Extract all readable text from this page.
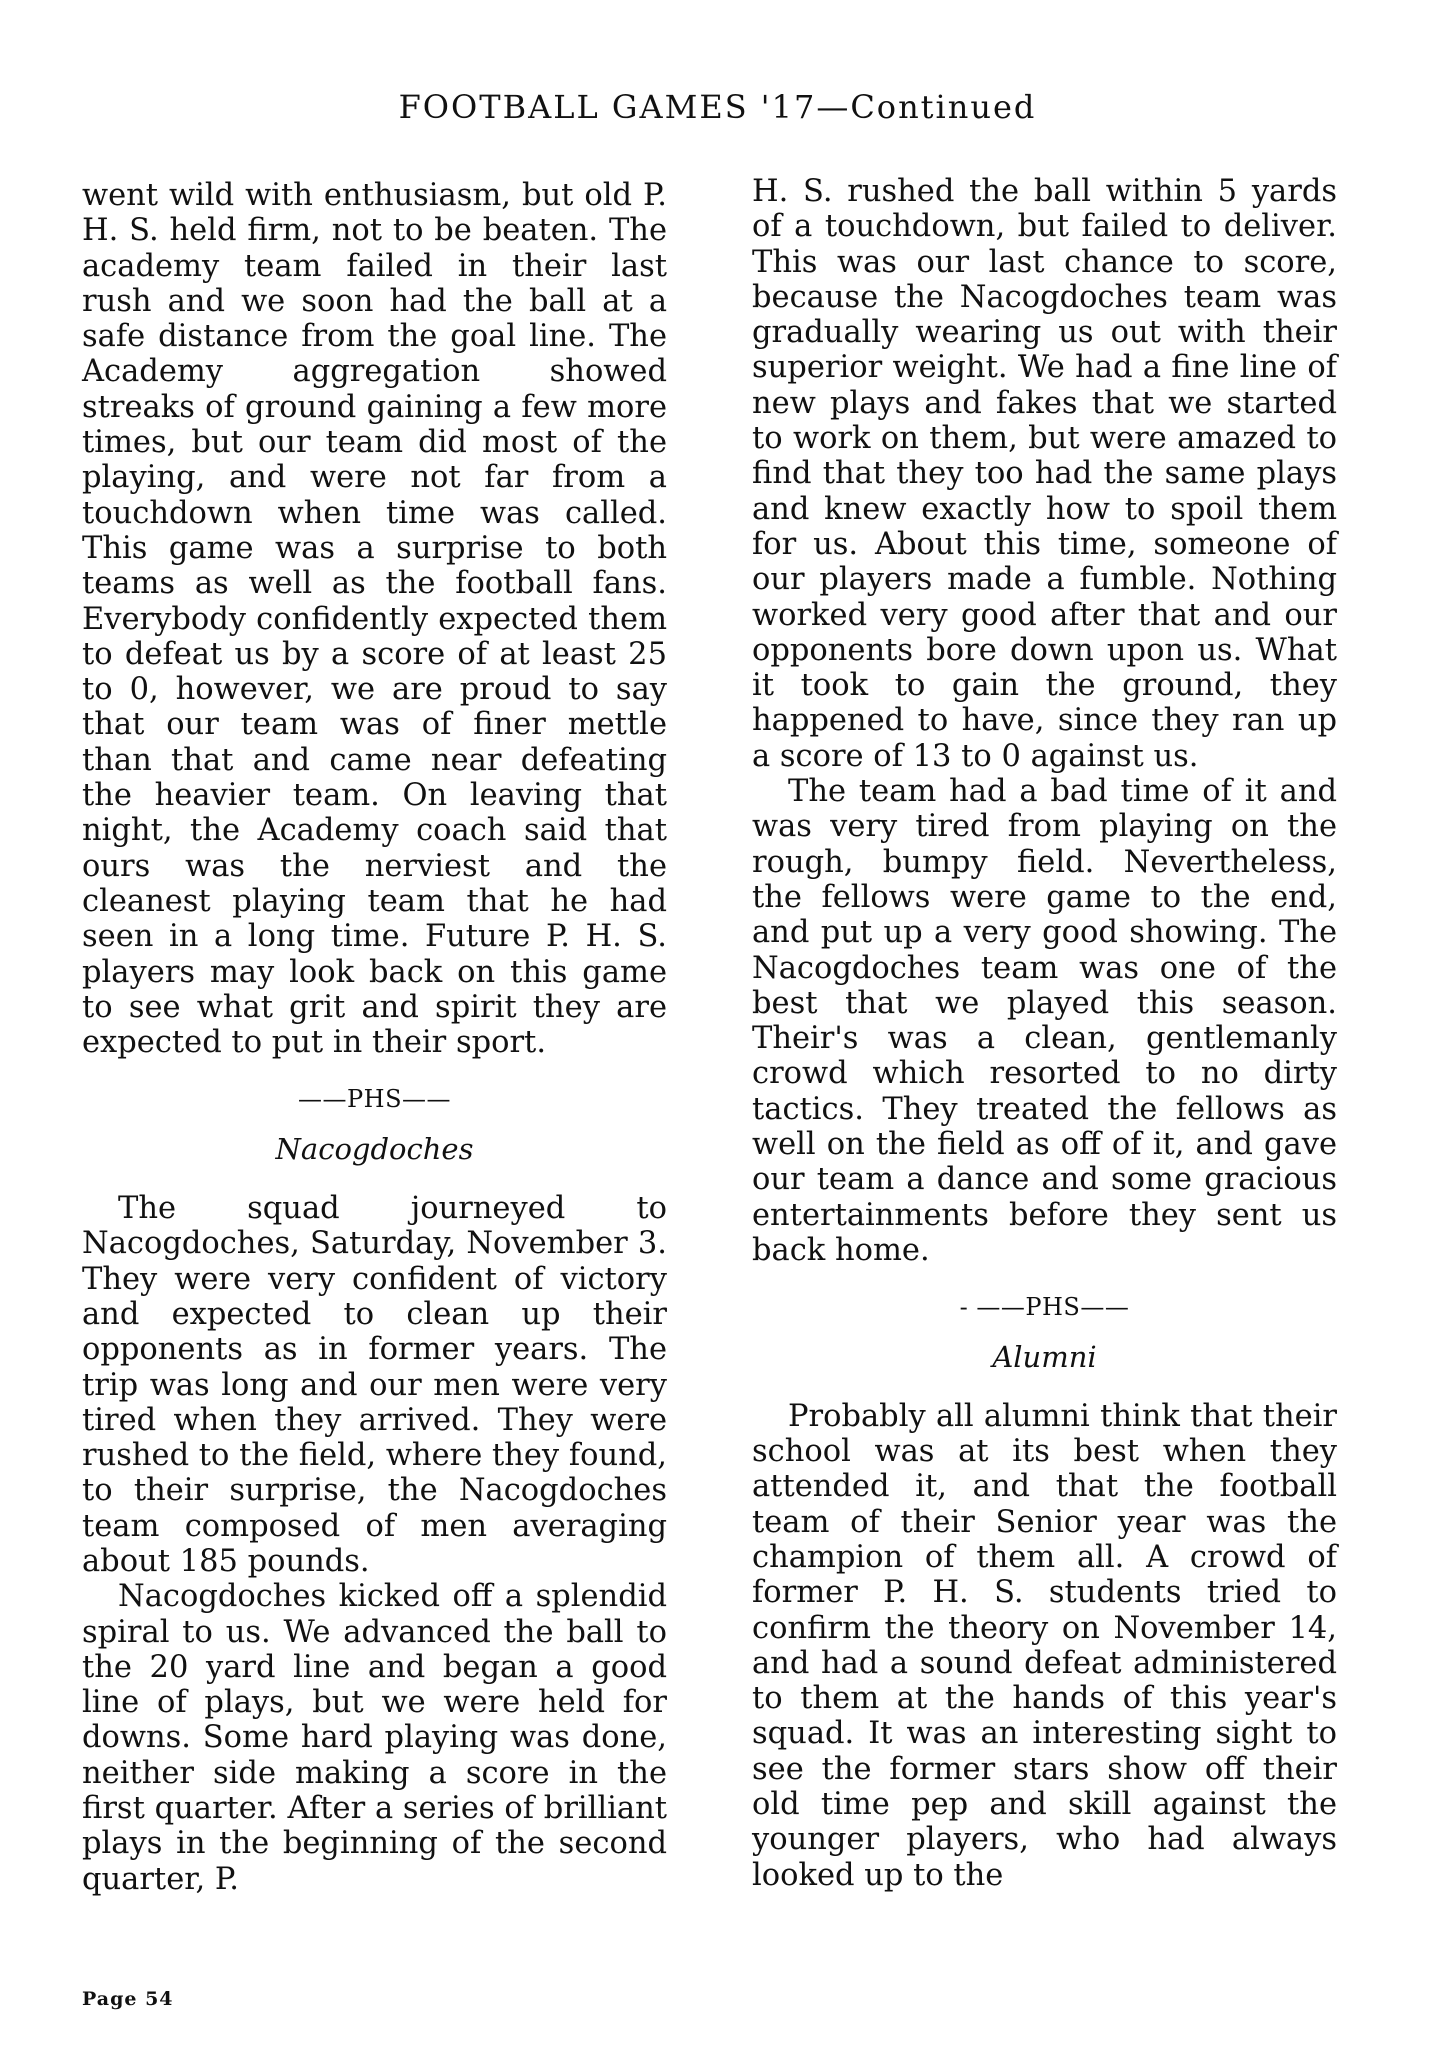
FOOTBALL GAMES '17—Continued

went wild with enthusiasm, but old P. H. S. held firm, not to be beaten. The academy team failed in their last rush and we soon had the ball at a safe distance from the goal line. The Academy aggregation showed streaks of ground gaining a few more times, but our team did most of the playing, and were not far from a touchdown when time was called. This game was a surprise to both teams as well as the football fans. Everybody confidently expected them to defeat us by a score of at least 25 to 0, however, we are proud to say that our team was of finer mettle than that and came near defeating the heavier team. On leaving that night, the Academy coach said that ours was the nerviest and the cleanest playing team that he had seen in a long time. Future P. H. S. players may look back on this game to see what grit and spirit they are expected to put in their sport.

——PHS——
Nacogdoches

The squad journeyed to Nacogdoches, Saturday, November 3. They were very confident of victory and expected to clean up their opponents as in former years. The trip was long and our men were very tired when they arrived. They were rushed to the field, where they found, to their surprise, the Nacogdoches team composed of men averaging about 185 pounds.

Nacogdoches kicked off a splendid spiral to us. We advanced the ball to the 20 yard line and began a good line of plays, but we were held for downs. Some hard playing was done, neither side making a score in the first quarter. After a series of brilliant plays in the beginning of the second quarter, P.

H. S. rushed the ball within 5 yards of a touchdown, but failed to deliver. This was our last chance to score, because the Nacogdoches team was gradually wearing us out with their superior weight. We had a fine line of new plays and fakes that we started to work on them, but were amazed to find that they too had the same plays and knew exactly how to spoil them for us. About this time, someone of our players made a fumble. Nothing worked very good after that and our opponents bore down upon us. What it took to gain the ground, they happened to have, since they ran up a score of 13 to 0 against us.

The team had a bad time of it and was very tired from playing on the rough, bumpy field. Nevertheless, the fellows were game to the end, and put up a very good showing. The Nacogdoches team was one of the best that we played this season. Their's was a clean, gentlemanly crowd which resorted to no dirty tactics. They treated the fellows as well on the field as off of it, and gave our team a dance and some gracious entertainments before they sent us back home.

- ——PHS——
Alumni

Probably all alumni think that their school was at its best when they attended it, and that the football team of their Senior year was the champion of them all. A crowd of former P. H. S. students tried to confirm the theory on November 14, and had a sound defeat administered to them at the hands of this year's squad. It was an interesting sight to see the former stars show off their old time pep and skill against the younger players, who had always looked up to the

Page 54
